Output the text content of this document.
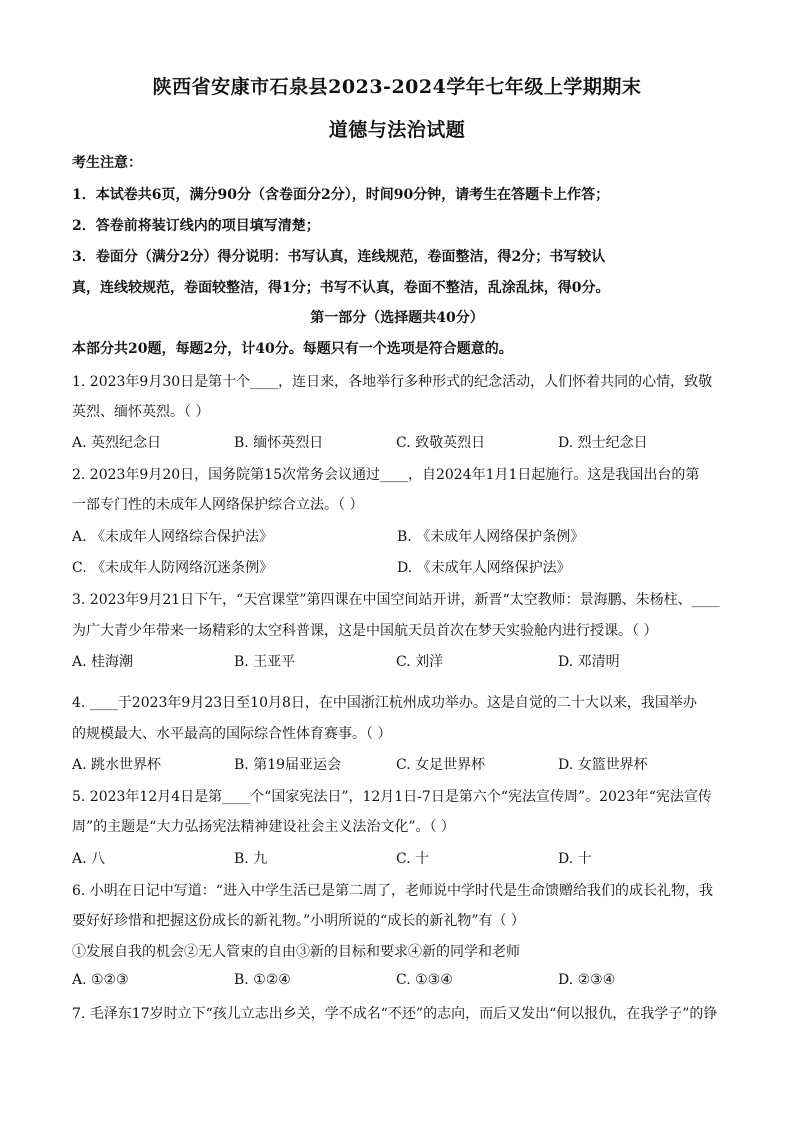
陕西省安康市石泉县2023-2024学年七年级上学期期末
道德与法治试题
考生注意：
1．本试卷共6页，满分90分（含卷面分2分），时间90分钟，请考生在答题卡上作答；
2．答卷前将装订线内的项目填写清楚；
3．卷面分（满分2分）得分说明：书写认真，连线规范，卷面整洁，得2分；书写较认
真，连线较规范，卷面较整洁，得1分；书写不认真，卷面不整洁，乱涂乱抹，得0分。
第一部分（选择题共40分）
本部分共20题，每题2分，计40分。每题只有一个选项是符合题意的。
1. 2023年9月30日是第十个____，连日来，各地举行多种形式的纪念活动，人们怀着共同的心情，致敬
英烈、缅怀英烈。（ ）
A. 英烈纪念日	B. 缅怀英烈日	C. 致敬英烈日	D. 烈士纪念日
2. 2023年9月20日，国务院第15次常务会议通过____，自2024年1月1日起施行。这是我国出台的第
一部专门性的未成年人网络保护综合立法。（ ）
A. 《未成年人网络综合保护法》	B. 《未成年人网络保护条例》
C. 《未成年人防网络沉迷条例》	D. 《未成年人网络保护法》
3. 2023年9月21日下午，“天宫课堂”第四课在中国空间站开讲，新晋“太空教师：景海鹏、朱杨柱、____
为广大青少年带来一场精彩的太空科普课，这是中国航天员首次在梦天实验舱内进行授课。（ ）
A. 桂海潮	B. 王亚平	C. 刘洋	D. 邓清明
4. ____于2023年9月23日至10月8日，在中国浙江杭州成功举办。这是自觉的二十大以来，我国举办
的规模最大、水平最高的国际综合性体育赛事。（ ）
A. 跳水世界杯	B. 第19届亚运会	C. 女足世界杯	D. 女篮世界杯
5. 2023年12月4日是第____个“国家宪法日”，12月1日-7日是第六个“宪法宣传周”。2023年“宪法宣传
周”的主题是“大力弘扬宪法精神建设社会主义法治文化”。（ ）
A. 八	B. 九	C. 十	D. 十
6. 小明在日记中写道：“进入中学生活已是第二周了，老师说中学时代是生命馈赠给我们的成长礼物，我
要好好珍惜和把握这份成长的新礼物。”小明所说的“成长的新礼物”有（ ）
①发展自我的机会②无人管束的自由③新的目标和要求④新的同学和老师
A. ①②③	B. ①②④	C. ①③④	D. ②③④
7. 毛泽东17岁时立下“孩儿立志出乡关，学不成名“不还”的志向，而后又发出“何以报仇，在我学子”的铮
